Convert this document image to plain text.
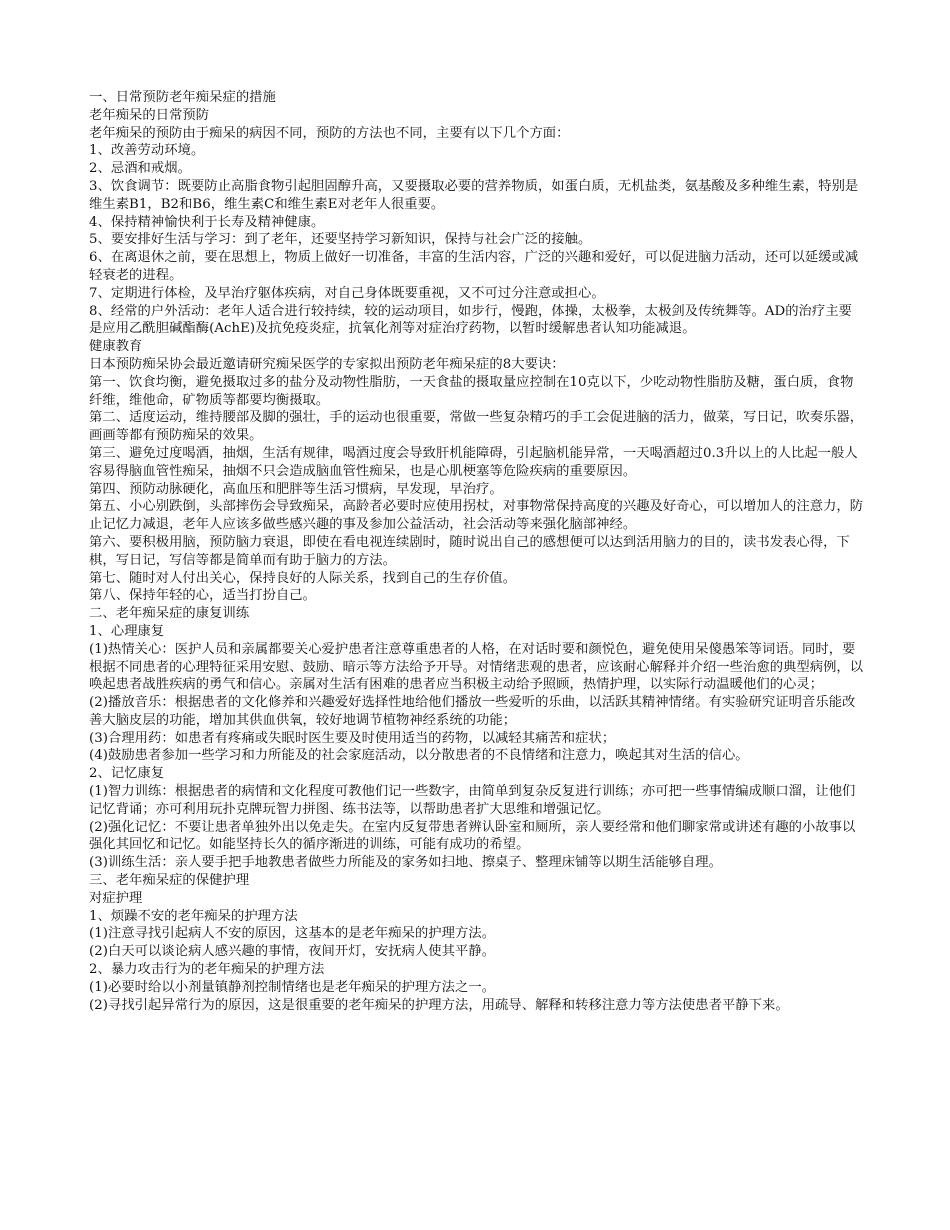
一、日常预防老年痴呆症的措施

老年痴呆的日常预防

老年痴呆的预防由于痴呆的病因不同，预防的方法也不同，主要有以下几个方面：

1、改善劳动环境。

2、忌酒和戒烟。

3、饮食调节：既要防止高脂食物引起胆固醇升高，又要摄取必要的营养物质，如蛋白质，无机盐类，氨基酸及多种维生素，特别是维生素B1，B2和B6，维生素C和维生素E对老年人很重要。

4、保持精神愉快利于长寿及精神健康。

5、要安排好生活与学习：到了老年，还要坚持学习新知识，保持与社会广泛的接触。

6、在离退休之前，要在思想上，物质上做好一切准备，丰富的生活内容，广泛的兴趣和爱好，可以促进脑力活动，还可以延缓或减轻衰老的进程。

7、定期进行体检，及早治疗躯体疾病，对自己身体既要重视，又不可过分注意或担心。

8、经常的户外活动：老年人适合进行较持续，较的运动项目，如步行，慢跑，体操，太极拳，太极剑及传统舞等。AD的治疗主要是应用乙酰胆碱酯酶(AchE)及抗免疫炎症，抗氧化剂等对症治疗药物，以暂时缓解患者认知功能减退。

健康教育

日本预防痴呆协会最近邀请研究痴呆医学的专家拟出预防老年痴呆症的8大要诀：

第一、饮食均衡，避免摄取过多的盐分及动物性脂肪，一天食盐的摄取量应控制在10克以下，少吃动物性脂肪及糖，蛋白质，食物纤维，维他命，矿物质等都要均衡摄取。

第二、适度运动，维持腰部及脚的强壮，手的运动也很重要，常做一些复杂精巧的手工会促进脑的活力，做菜，写日记，吹奏乐器，画画等都有预防痴呆的效果。

第三、避免过度喝酒，抽烟，生活有规律，喝酒过度会导致肝机能障碍，引起脑机能异常，一天喝酒超过0.3升以上的人比起一般人容易得脑血管性痴呆，抽烟不只会造成脑血管性痴呆，也是心肌梗塞等危险疾病的重要原因。

第四、预防动脉硬化，高血压和肥胖等生活习惯病，早发现，早治疗。

第五、小心别跌倒，头部摔伤会导致痴呆，高龄者必要时应使用拐杖，对事物常保持高度的兴趣及好奇心，可以增加人的注意力，防止记忆力减退，老年人应该多做些感兴趣的事及参加公益活动，社会活动等来强化脑部神经。

第六、要积极用脑，预防脑力衰退，即使在看电视连续剧时，随时说出自己的感想便可以达到活用脑力的目的，读书发表心得，下棋，写日记，写信等都是简单而有助于脑力的方法。

第七、随时对人付出关心，保持良好的人际关系，找到自己的生存价值。

第八、保持年轻的心，适当打扮自己。

二、老年痴呆症的康复训练

1、心理康复

(1)热情关心：医护人员和亲属都要关心爱护患者注意尊重患者的人格，在对话时要和颜悦色，避免使用呆傻愚笨等词语。同时，要根据不同患者的心理特征采用安慰、鼓励、暗示等方法给予开导。对情绪悲观的患者，应该耐心解释并介绍一些治愈的典型病例，以唤起患者战胜疾病的勇气和信心。亲属对生活有困难的患者应当积极主动给予照顾，热情护理，以实际行动温暖他们的心灵；

(2)播放音乐：根据患者的文化修养和兴趣爱好选择性地给他们播放一些爱听的乐曲，以活跃其精神情绪。有实验研究证明音乐能改善大脑皮层的功能，增加其供血供氧，较好地调节植物神经系统的功能；

(3)合理用药：如患者有疼痛或失眠时医生要及时使用适当的药物，以减轻其痛苦和症状；

(4)鼓励患者参加一些学习和力所能及的社会家庭活动，以分散患者的不良情绪和注意力，唤起其对生活的信心。

2、记忆康复

(1)智力训练：根据患者的病情和文化程度可教他们记一些数字，由简单到复杂反复进行训练；亦可把一些事情编成顺口溜，让他们记忆背诵；亦可利用玩扑克牌玩智力拼图、练书法等，以帮助患者扩大思维和增强记忆。

(2)强化记忆：不要让患者单独外出以免走失。在室内反复带患者辨认卧室和厕所，亲人要经常和他们聊家常或讲述有趣的小故事以强化其回忆和记忆。如能坚持长久的循序渐进的训练，可能有成功的希望。

(3)训练生活：亲人要手把手地教患者做些力所能及的家务如扫地、擦桌子、整理床铺等以期生活能够自理。

三、老年痴呆症的保健护理

对症护理

1、烦躁不安的老年痴呆的护理方法

(1)注意寻找引起病人不安的原因，这基本的是老年痴呆的护理方法。

(2)白天可以谈论病人感兴趣的事情，夜间开灯，安抚病人使其平静。

2、暴力攻击行为的老年痴呆的护理方法

(1)必要时给以小剂量镇静剂控制情绪也是老年痴呆的护理方法之一。

(2)寻找引起异常行为的原因，这是很重要的老年痴呆的护理方法，用疏导、解释和转移注意力等方法使患者平静下来。
